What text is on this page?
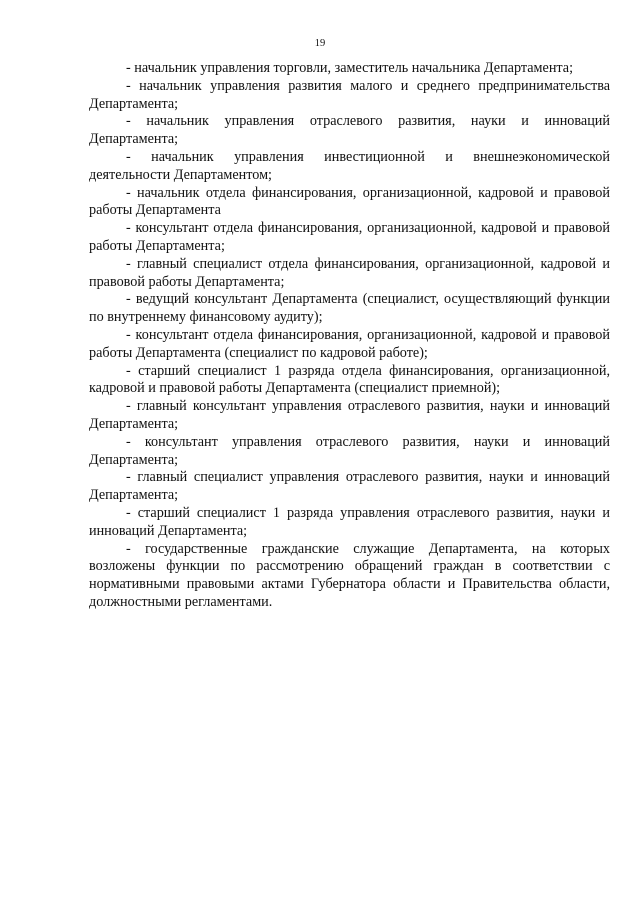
19

- начальник управления торговли, заместитель начальника Департамента;

- начальник управления развития малого и среднего предпринимательства Департамента;

- начальник управления отраслевого развития, науки и инноваций Департамента;

- начальник управления инвестиционной и внешнеэкономической деятельности Департаментом;

- начальник отдела финансирования, организационной, кадровой и правовой работы Департамента

- консультант отдела финансирования, организационной, кадровой и правовой работы Департамента;

- главный специалист отдела финансирования, организационной, кадровой и правовой работы Департамента;

- ведущий консультант Департамента (специалист, осуществляющий функции по внутреннему финансовому аудиту);

- консультант отдела финансирования, организационной, кадровой и правовой работы Департамента (специалист по кадровой работе);

- старший специалист 1 разряда отдела финансирования, организационной, кадровой и правовой работы Департамента (специалист приемной);

- главный консультант управления отраслевого развития, науки и инноваций Департамента;

- консультант управления отраслевого развития, науки и инноваций Департамента;

- главный специалист управления отраслевого развития, науки и инноваций Департамента;

- старший специалист 1 разряда управления отраслевого развития, науки и инноваций Департамента;

- государственные гражданские служащие Департамента, на которых возложены функции по рассмотрению обращений граждан в соответствии с нормативными правовыми актами Губернатора области и Правительства области, должностными регламентами.
